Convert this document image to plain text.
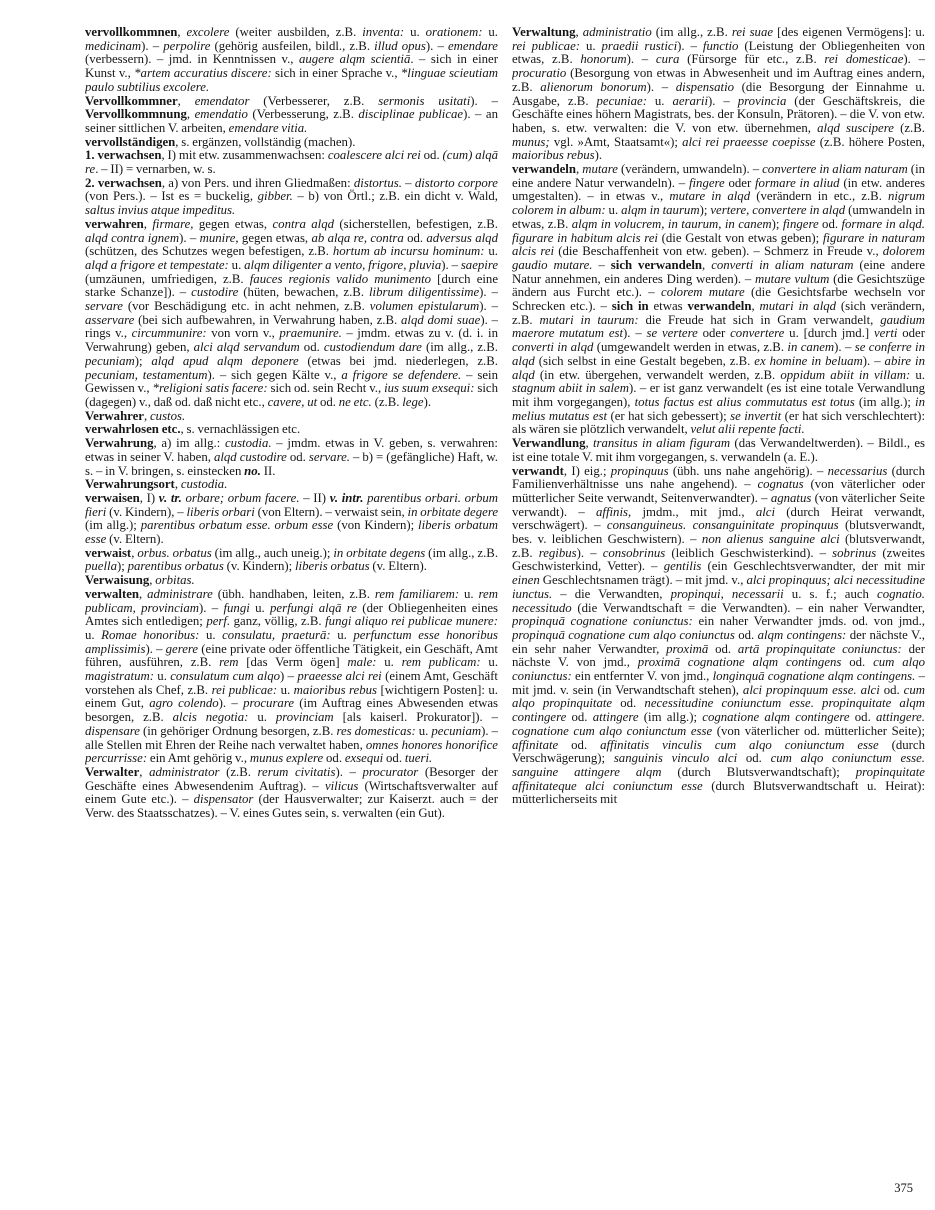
vervollkommnen, excolere (weiter ausbilden, z.B. inventa: u. orationem: u. medicinam). – perpolire (gehörig ausfeilen, bildl., z.B. illud opus). – emendare (verbessern). – jmd. in Kenntnissen v., augere alqm scientiā. – sich in einer Kunst v., *artem accuratius discere: sich in einer Sprache v., *linguae scieutiam paulo subtilius excolere.

Vervollkommner, emendator (Verbesserer, z.B. sermonis usitati). – Vervollkommnung, emendatio (Verbesserung, z.B. disciplinae publicae). – an seiner sittlichen V. arbeiten, emendare vitia.

vervollständigen, s. ergänzen, vollständig (machen).

1. verwachsen, I) mit etw. zusammenwachsen: coalescere alci rei od. (cum) alqā re. – II) = vernarben, w. s.

2. verwachsen, a) von Pers. und ihren Gliedmaßen: distortus. – distorto corpore (von Pers.). – Ist es = buckelig, gibber. – b) von Örtl.; z.B. ein dicht v. Wald, saltus invius atque impeditus.

verwahren, firmare, gegen etwas, contra alqd (sicherstellen, befestigen, z.B. alqd contra ignem). – munire, gegen etwas, ab alqa re, contra od. adversus alqd (schützen, des Schutzes wegen befestigen, z.B. hortum ab incursu hominum: u. alqd a frigore et tempestate: u. alqm diligenter a vento, frigore, pluvia). – saepire (umzäunen, umfriedigen, z.B. fauces regionis valido munimento [durch eine starke Schanze]). – custodire (hüten, bewachen, z.B. librum diligentissime). – servare (vor Beschädigung etc. in acht nehmen, z.B. volumen epistularum). – asservare (bei sich aufbewahren, in Verwahrung haben, z.B. alqd domi suae). – rings v., circummunire: von vorn v., praemunire. – jmdm. etwas zu v. (d. i. in Verwahrung) geben, alci alqd servandum od. custodiendum dare (im allg., z.B. pecuniam); alqd apud alqm deponere (etwas bei jmd. niederlegen, z.B. pecuniam, testamentum). – sich gegen Kälte v., a frigore se defendere. – sein Gewissen v., *religioni satis facere: sich od. sein Recht v., ius suum exsequi: sich (dagegen) v., daß od. daß nicht etc., cavere, ut od. ne etc. (z.B. lege).

Verwahrer, custos.

verwahrlosen etc., s. vernachlässigen etc.

Verwahrung, a) im allg.: custodia. – jmdm. etwas in V. geben, s. verwahren: etwas in seiner V. haben, alqd custodire od. servare. – b) = (gefängliche) Haft, w. s. – in V. bringen, s. einstecken no. II.

Verwahrungsort, custodia.

verwaisen, I) v. tr. orbare; orbum facere. – II) v. intr. parentibus orbari. orbum fieri (v. Kindern), – liberis orbari (von Eltern). – verwaist sein, in orbitate degere (im allg.); parentibus orbatum esse. orbum esse (von Kindern); liberis orbatum esse (v. Eltern).

verwaist, orbus. orbatus (im allg., auch uneig.); in orbitate degens (im allg., z.B. puella); parentibus orbatus (v. Kindern); liberis orbatus (v. Eltern).

Verwaisung, orbitas.

verwalten, administrare (übh. handhaben, leiten, z.B. rem familiarem: u. rem publicam, provinciam). – fungi u. perfungi alqā re (der Obliegenheiten eines Amtes sich entledigen; perf. ganz, völlig, z.B. fungi aliquo rei publicae munere: u. Romae honoribus: u. consulatu, praeturā: u. perfunctum esse honoribus amplissimis). – gerere (eine private oder öffentliche Tätigkeit, ein Geschäft, Amt führen, ausführen, z.B. rem [das Verm ögen] male: u. rem publicam: u. magistratum: u. consulatum cum alqo) – praeesse alci rei (einem Amt, Geschäft vorstehen als Chef, z.B. rei publicae: u. maioribus rebus [wichtigern Posten]: u. einem Gut, agro colendo). – procurare (im Auftrag eines Abwesenden etwas besorgen, z.B. alcis negotia: u. provinciam [als kaiserl. Prokurator]). – dispensare (in gehöriger Ordnung besorgen, z.B. res domesticas: u. pecuniam). – alle Stellen mit Ehren der Reihe nach verwaltet haben, omnes honores honorifice percurrisse: ein Amt gehörig v., munus explere od. exsequi od. tueri.

Verwalter, administrator (z.B. rerum civitatis). – procurator (Besorger der Geschäfte eines Abwesendenim Auftrag). – vilicus (Wirtschaftsverwalter auf einem Gute etc.). – dispensator (der Hausverwalter; zur Kaiserzt. auch = der Verw. des Staatsschatzes). – V. eines Gutes sein, s. verwalten (ein Gut).

Verwaltung, administratio (im allg., z.B. rei suae [des eigenen Vermögens]: u. rei publicae: u. praedii rustici). – functio (Leistung der Obliegenheiten von etwas, z.B. honorum). – cura (Fürsorge für etc., z.B. rei domesticae). – procuratio (Besorgung von etwas in Abwesenheit und im Auftrag eines andern, z.B. alienorum bonorum). – dispensatio (die Besorgung der Einnahme u. Ausgabe, z.B. pecuniae: u. aerarii). – provincia (der Geschäftskreis, die Geschäfte eines höhern Magistrats, bes. der Konsuln, Prätoren). – die V. von etw. haben, s. etw. verwalten: die V. von etw. übernehmen, alqd suscipere (z.B. munus; vgl. »Amt, Staatsamt«); alci rei praeesse coepisse (z.B. höhere Posten, maioribus rebus).

verwandeln, mutare (verändern, umwandeln). – convertere in aliam naturam (in eine andere Natur verwandeln). – fingere oder formare in aliud (in etw. anderes umgestalten). – in etwas v., mutare in alqd (verändern in etc., z.B. nigrum colorem in album: u. alqm in taurum); vertere, convertere in alqd (umwandeln in etwas, z.B. alqm in volucrem, in taurum, in canem); fingere od. formare in alqd. figurare in habitum alcis rei (die Gestalt von etwas geben); figurare in naturam alcis rei (die Beschaffenheit von etw. geben). – Schmerz in Freude v., dolorem gaudio mutare. – sich verwandeln, converti in aliam naturam (eine andere Natur annehmen, ein anderes Ding werden). – mutare vultum (die Gesichtszüge ändern aus Furcht etc.). – colorem mutare (die Gesichtsfarbe wechseln vor Schrecken etc.). – sich in etwas verwandeln, mutari in alqd (sich verändern, z.B. mutari in taurum: die Freude hat sich in Gram verwandelt, gaudium maerore mutatum est). – se vertere oder convertere u. [durch jmd.] verti oder converti in alqd (umgewandelt werden in etwas, z.B. in canem). – se conferre in alqd (sich selbst in eine Gestalt begeben, z.B. ex homine in beluam). – abire in alqd (in etw. übergehen, verwandelt werden, z.B. oppidum abiit in villam: u. stagnum abiit in salem). – er ist ganz verwandelt (es ist eine totale Verwandlung mit ihm vorgegangen), totus factus est alius commutatus est totus (im allg.); in melius mutatus est (er hat sich gebessert); se invertit (er hat sich verschlechtert): als wären sie plötzlich verwandelt, velut alii repente facti.

Verwandlung, transitus in aliam figuram (das Verwandeltwerden). – Bildl., es ist eine totale V. mit ihm vorgegangen, s. verwandeln (a. E.).

verwandt, I) eig.; propinquus (übh. uns nahe angehörig). – necessarius (durch Familienverhältnisse uns nahe angehend). – cognatus (von väterlicher oder mütterlicher Seite verwandt, Seitenverwandter). – agnatus (von väterlicher Seite verwandt). – affinis, jmdm., mit jmd., alci (durch Heirat verwandt, verschwägert). – consanguineus. consanguinitate propinquus (blutsverwandt, bes. v. leiblichen Geschwistern). – non alienus sanguine alci (blutsverwandt, z.B. regibus). – consobrinus (leiblich Geschwisterkind). – sobrinus (zweites Geschwisterkind, Vetter). – gentilis (ein Geschlechtsverwandter, der mit mir einen Geschlechtsnamen trägt). – mit jmd. v., alci propinquus; alci necessitudine iunctus. – die Verwandten, propinqui, necessarii u. s. f.; auch cognatio. necessitudo (die Verwandtschaft = die Verwandten). – ein naher Verwandter, propinquā cognatione coniunctus: ein naher Verwandter jmds. od. von jmd., propinquā cognatione cum alqo coniunctus od. alqm contingens: der nächste V., ein sehr naher Verwandter, proximā od. artā propinquitate coniunctus: der nächste V. von jmd., proximā cognatione alqm contingens od. cum alqo coniunctus: ein entfernter V. von jmd., longinquā cognatione alqm contingens. – mit jmd. v. sein (in Verwandtschaft stehen), alci propinquum esse. alci od. cum alqo propinquitate od. necessitudine coniunctum esse. propinquitate alqm contingere od. attingere (im allg.); cognatione alqm contingere od. attingere. cognatione cum alqo coniunctum esse (von väterlicher od. mütterlicher Seite); affinitate od. affinitatis vinculis cum alqo coniunctum esse (durch Verschwägerung); sanguinis vinculo alci od. cum alqo coniunctum esse. sanguine attingere alqm (durch Blutsverwandtschaft); propinquitate affinitateque alci coniunctum esse (durch Blutsverwandtschaft u. Heirat): mütterlicherseits mit

375
